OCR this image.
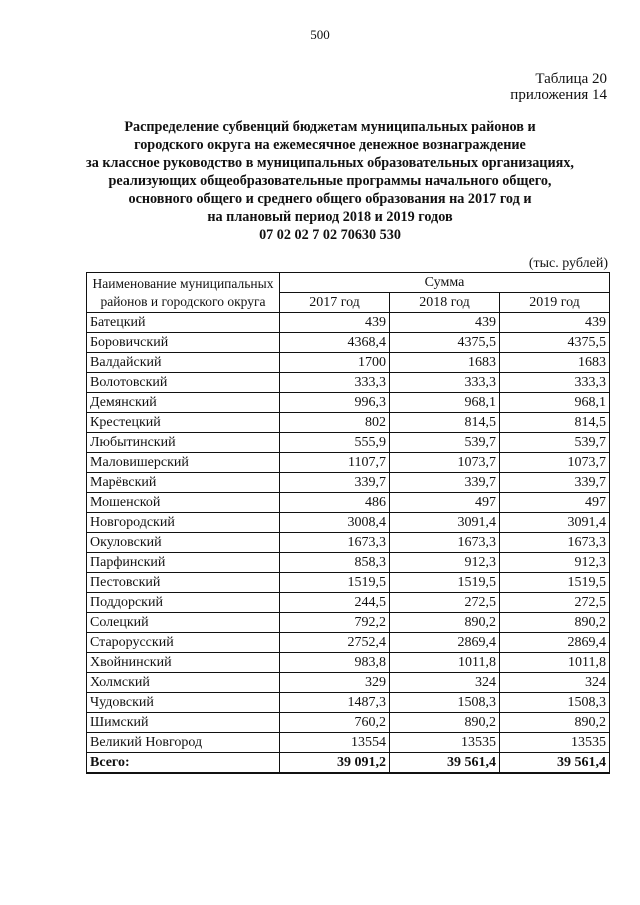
500
Таблица 20
приложения 14
Распределение субвенций бюджетам муниципальных районов и
городского округа на ежемесячное денежное вознаграждение
за классное руководство в муниципальных образовательных организациях,
реализующих общеобразовательные программы начального общего,
основного общего и среднего общего образования на 2017 год и
на плановый период 2018 и 2019 годов
07 02 02 7 02 70630 530
(тыс. рублей)
Наименование муниципальных районов и городского округа	Сумма		
	2017 год	2018 год	2019 год
Батецкий	439	439	439
Боровичский	4368,4	4375,5	4375,5
Валдайский	1700	1683	1683
Волотовский	333,3	333,3	333,3
Демянский	996,3	968,1	968,1
Крестецкий	802	814,5	814,5
Любытинский	555,9	539,7	539,7
Маловишерский	1107,7	1073,7	1073,7
Марёвский	339,7	339,7	339,7
Мошенской	486	497	497
Новгородский	3008,4	3091,4	3091,4
Окуловский	1673,3	1673,3	1673,3
Парфинский	858,3	912,3	912,3
Пестовский	1519,5	1519,5	1519,5
Поддорский	244,5	272,5	272,5
Солецкий	792,2	890,2	890,2
Старорусский	2752,4	2869,4	2869,4
Хвойнинский	983,8	1011,8	1011,8
Холмский	329	324	324
Чудовский	1487,3	1508,3	1508,3
Шимский	760,2	890,2	890,2
Великий Новгород	13554	13535	13535
Всего:	39 091,2	39 561,4	39 561,4
